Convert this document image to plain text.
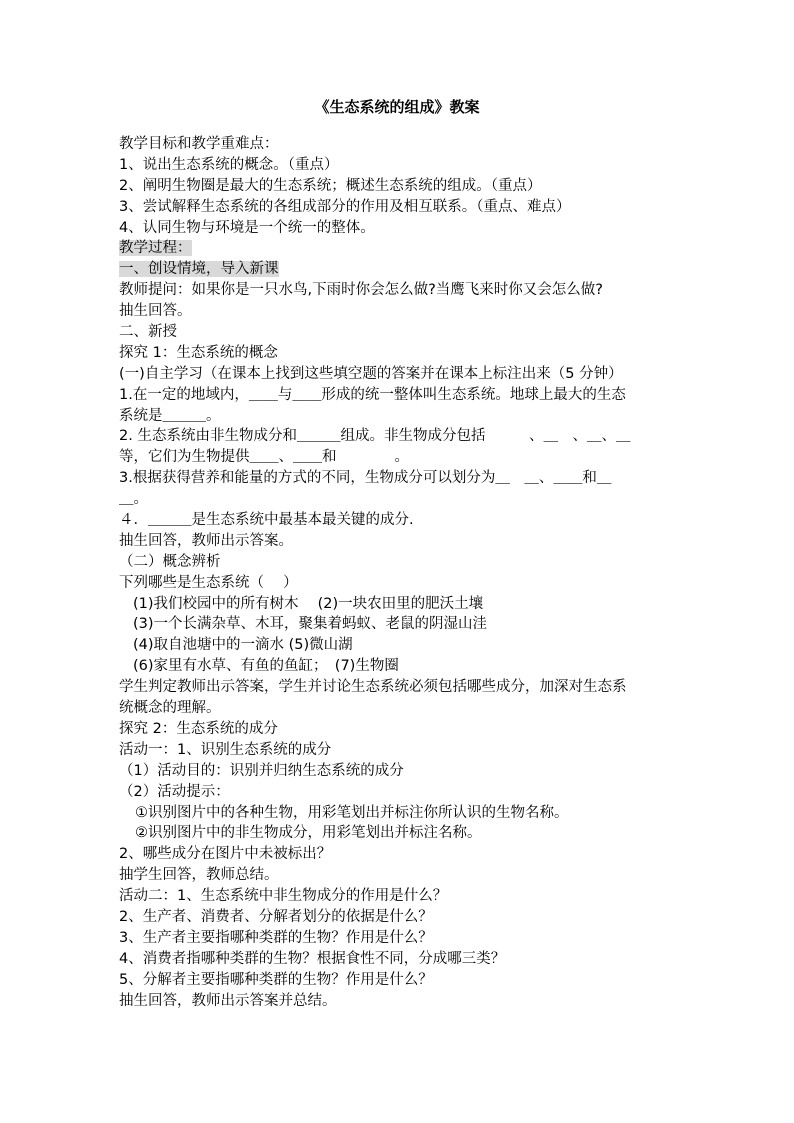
《生态系统的组成》教案
教学目标和教学重难点：
1、说出生态系统的概念。（重点）
2、阐明生物圈是最大的生态系统；概述生态系统的组成。（重点）
3、尝试解释生态系统的各组成部分的作用及相互联系。（重点、难点）
4、认同生物与环境是一个统一的整体。
教学过程：
一、创设情境，导入新课
教师提问：如果你是一只水鸟,下雨时你会怎么做?当鹰飞来时你又会怎么做?
抽生回答。
二、新授
探究 1：生态系统的概念
(一)自主学习（在课本上找到这些填空题的答案并在课本上标注出来（5 分钟）
1.在一定的地域内，＿＿与＿＿形成的统一整体叫生态系统。地球上最大的生态
系统是＿＿＿。
2. 生态系统由非生物成分和＿＿＿组成。非生物成分包括　　　、＿　、＿、＿
等，它们为生物提供＿＿、＿＿和　　　　。
3.根据获得营养和能量的方式的不同，生物成分可以划分为＿　＿、＿＿和＿
＿。
４．＿＿＿是生态系统中最基本最关键的成分.
抽生回答，教师出示答案。
（二）概念辨析
下列哪些是生态系统（　 ）
(1)我们校园中的所有树木　 (2)一块农田里的肥沃土壤
(3)一个长满杂草、木耳，聚集着蚂蚁、老鼠的阴湿山洼
(4)取自池塘中的一滴水 (5)微山湖
(6)家里有水草、有鱼的鱼缸；　(7)生物圈
学生判定教师出示答案，学生并讨论生态系统必须包括哪些成分，加深对生态系
统概念的理解。
探究 2：生态系统的成分
活动一：1、识别生态系统的成分
（1）活动目的：识别并归纳生态系统的成分
（2）活动提示：
①识别图片中的各种生物，用彩笔划出并标注你所认识的生物名称。
②识别图片中的非生物成分，用彩笔划出并标注名称。
2、哪些成分在图片中未被标出？
抽学生回答，教师总结。
活动二：1、生态系统中非生物成分的作用是什么？
2、生产者、消费者、分解者划分的依据是什么？
3、生产者主要指哪种类群的生物？作用是什么？
4、消费者指哪种类群的生物？根据食性不同，分成哪三类？
5、分解者主要指哪种类群的生物？作用是什么？
抽生回答，教师出示答案并总结。
